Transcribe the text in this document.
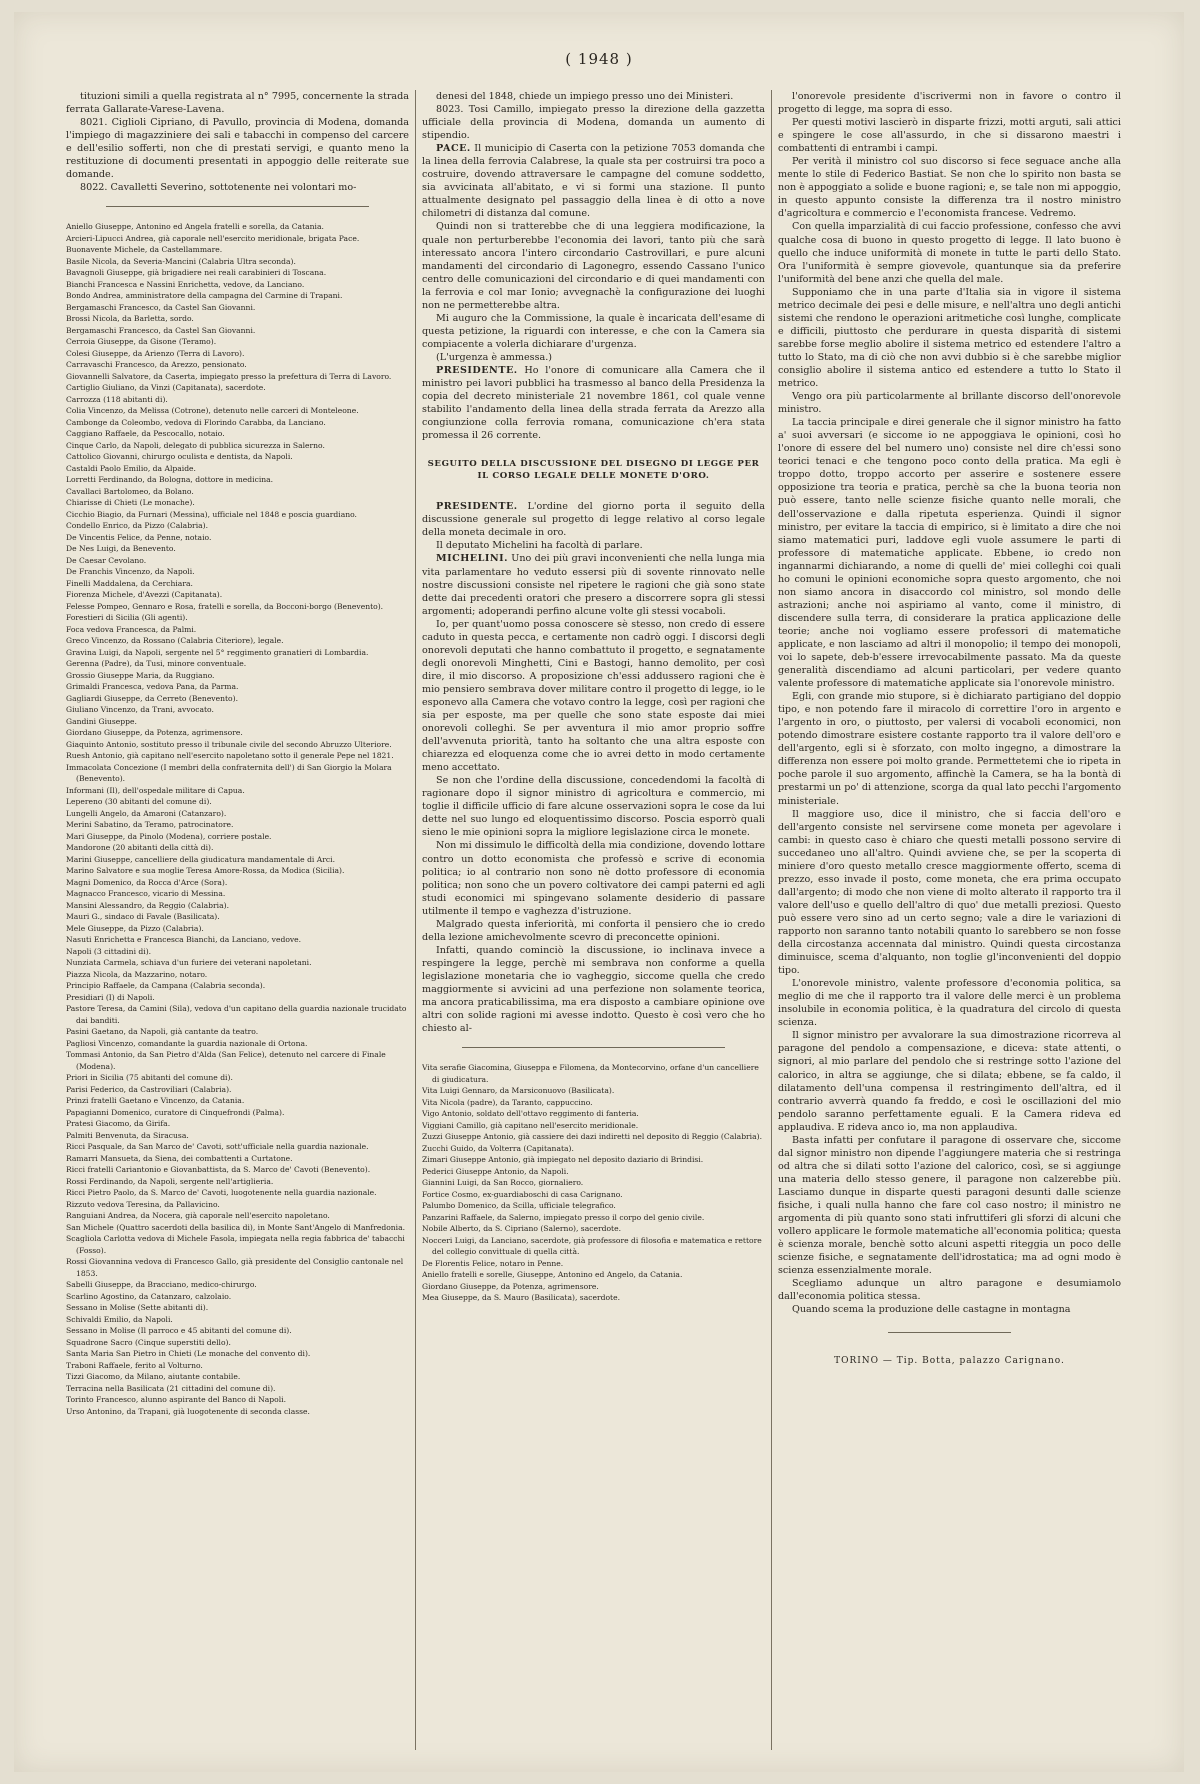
( 1948 )

tituzioni simili a quella registrata al n° 7995, concernente la strada ferrata Gallarate-Varese-Lavena.

8021. Ciglioli Cipriano, di Pavullo, provincia di Modena, domanda l'impiego di magazziniere dei sali e tabacchi in compenso del carcere e dell'esilio sofferti, non che di prestati servigi, e quanto meno la restituzione di documenti presentati in appoggio delle reiterate sue domande.

8022. Cavalletti Severino, sottotenente nei volontari mo-

Aniello Giuseppe, Antonino ed Angela fratelli e sorella, da Catania.

Arcieri-Lipucci Andrea, già caporale nell'esercito meridionale, brigata Pace.

Buonavente Michele, da Castellammare.

Basile Nicola, da Severia-Mancini (Calabria Ultra seconda).

Bavagnoli Giuseppe, già brigadiere nei reali carabinieri di Toscana.

Bianchi Francesca e Nassini Enrichetta, vedove, da Lanciano.

Bondo Andrea, amministratore della campagna del Carmine di Trapani.

Bergamaschi Francesco, da Castel San Giovanni.

Brossi Nicola, da Barletta, sordo.

Bergamaschi Francesco, da Castel San Giovanni.

Cerroia Giuseppe, da Gisone (Teramo).

Colesi Giuseppe, da Arienzo (Terra di Lavoro).

Carravaschi Francesco, da Arezzo, pensionato.

Giovannelli Salvatore, da Caserta, impiegato presso la prefettura di Terra di Lavoro.

Cartiglio Giuliano, da Vinzi (Capitanata), sacerdote.

Carrozza (118 abitanti di).

Colia Vincenzo, da Melissa (Cotrone), detenuto nelle carceri di Monteleone.

Cambonge da Coleombo, vedova di Florindo Carabba, da Lanciano.

Caggiano Raffaele, da Pescocallo, notaio.

Cinque Carlo, da Napoli, delegato di pubblica sicurezza in Salerno.

Cattolico Giovanni, chirurgo oculista e dentista, da Napoli.

Castaldi Paolo Emilio, da Alpaide.

Lorretti Ferdinando, da Bologna, dottore in medicina.

Cavallaci Bartolomeo, da Bolano.

Chiarisse di Chieti (Le monache).

Cicchio Biagio, da Furnari (Messina), ufficiale nel 1848 e poscia guardiano.

Condello Enrico, da Pizzo (Calabria).

De Vincentis Felice, da Penne, notaio.

De Nes Luigi, da Benevento.

De Caesar Cevolano.

De Franchis Vincenzo, da Napoli.

Finelli Maddalena, da Cerchiara.

Fiorenza Michele, d'Avezzi (Capitanata).

Felesse Pompeo, Gennaro e Rosa, fratelli e sorella, da Bocconi-borgo (Benevento).

Forestieri di Sicilia (Gli agenti).

Foca vedova Francesca, da Palmi.

Greco Vincenzo, da Rossano (Calabria Citeriore), legale.

Gravina Luigi, da Napoli, sergente nel 5° reggimento granatieri di Lombardia.

Gerenna (Padre), da Tusi, minore conventuale.

Grossio Giuseppe Maria, da Ruggiano.

Grimaldi Francesca, vedova Pana, da Parma.

Gagliardi Giuseppe, da Cerreto (Benevento).

Giuliano Vincenzo, da Trani, avvocato.

Gandini Giuseppe.

Giordano Giuseppe, da Potenza, agrimensore.

Giaquinto Antonio, sostituto presso il tribunale civile del secondo Abruzzo Ulteriore.

Ruesh Antonio, già capitano nell'esercito napoletano sotto il generale Pepe nel 1821.

Immacolata Concezione (I membri della confraternita dell') di San Giorgio la Molara (Benevento).

Informani (Il), dell'ospedale militare di Capua.

Lepereno (30 abitanti del comune di).

Lungelli Angelo, da Amaroni (Catanzaro).

Merini Sabatino, da Teramo, patrocinatore.

Mari Giuseppe, da Pinolo (Modena), corriere postale.

Mandorone (20 abitanti della città di).

Marini Giuseppe, cancelliere della giudicatura mandamentale di Arci.

Marino Salvatore e sua moglie Teresa Amore-Rossa, da Modica (Sicilia).

Magni Domenico, da Rocca d'Arce (Sora).

Magnacco Francesco, vicario di Messina.

Mansini Alessandro, da Reggio (Calabria).

Mauri G., sindaco di Favale (Basilicata).

Mele Giuseppe, da Pizzo (Calabria).

Nasuti Enrichetta e Francesca Bianchi, da Lanciano, vedove.

Napoli (3 cittadini di).

Nunziata Carmela, schiava d'un furiere dei veterani napoletani.

Piazza Nicola, da Mazzarino, notaro.

Principio Raffaele, da Campana (Calabria seconda).

Presidiari (I) di Napoli.

Pastore Teresa, da Camini (Sila), vedova d'un capitano della guardia nazionale trucidato dai banditi.

Pasini Gaetano, da Napoli, già cantante da teatro.

Pagliosi Vincenzo, comandante la guardia nazionale di Ortona.

Tommasi Antonio, da San Pietro d'Alda (San Felice), detenuto nel carcere di Finale (Modena).

Priori in Sicilia (75 abitanti del comune di).

Parisi Federico, da Castroviliari (Calabria).

Prinzi fratelli Gaetano e Vincenzo, da Catania.

Papagianni Domenico, curatore di Cinquefrondi (Palma).

Pratesi Giacomo, da Girifa.

Palmiti Benvenuta, da Siracusa.

Ricci Pasquale, da San Marco de' Cavoti, sott'ufficiale nella guardia nazionale.

Ramarri Mansueta, da Siena, dei combattenti a Curtatone.

Ricci fratelli Cariantonio e Giovanbattista, da S. Marco de' Cavoti (Benevento).

Rossi Ferdinando, da Napoli, sergente nell'artiglieria.

Ricci Pietro Paolo, da S. Marco de' Cavoti, luogotenente nella guardia nazionale.

Rizzuto vedova Teresina, da Pallavicino.

Ranguiani Andrea, da Nocera, già caporale nell'esercito napoletano.

San Michele (Quattro sacerdoti della basilica di), in Monte Sant'Angelo di Manfredonia.

Scagliola Carlotta vedova di Michele Fasola, impiegata nella regia fabbrica de' tabacchi (Fosso).

Rossi Giovannina vedova di Francesco Gallo, già presidente del Consiglio cantonale nel 1853.

Sabelli Giuseppe, da Bracciano, medico-chirurgo.

Scarlino Agostino, da Catanzaro, calzolaio.

Sessano in Molise (Sette abitanti di).

Schivaldi Emilio, da Napoli.

Sessano in Molise (Il parroco e 45 abitanti del comune di).

Squadrone Sacro (Cinque superstiti dello).

Santa Maria San Pietro in Chieti (Le monache del convento di).

Traboni Raffaele, ferito al Volturno.

Tizzi Giacomo, da Milano, aiutante contabile.

Terracina nella Basilicata (21 cittadini del comune di).

Torinto Francesco, alunno aspirante del Banco di Napoli.

Urso Antonino, da Trapani, già luogotenente di seconda classe.

denesi del 1848, chiede un impiego presso uno dei Ministeri.

8023. Tosi Camillo, impiegato presso la direzione della gazzetta ufficiale della provincia di Modena, domanda un aumento di stipendio.

PACE. Il municipio di Caserta con la petizione 7053 domanda che la linea della ferrovia Calabrese, la quale sta per costruirsi tra poco a costruire, dovendo attraversare le campagne del comune soddetto, sia avvicinata all'abitato, e vi si formi una stazione. Il punto attualmente designato pel passaggio della linea è di otto a nove chilometri di distanza dal comune.

Quindi non si tratterebbe che di una leggiera modificazione, la quale non perturberebbe l'economia dei lavori, tanto più che sarà interessato ancora l'intero circondario Castrovillari, e pure alcuni mandamenti del circondario di Lagonegro, essendo Cassano l'unico centro delle comunicazioni del circondario e di quei mandamenti con la ferrovia e col mar Ionio; avvegnachè la configurazione dei luoghi non ne permetterebbe altra.

Mi auguro che la Commissione, la quale è incaricata dell'esame di questa petizione, la riguardi con interesse, e che con la Camera sia compiacente a volerla dichiarare d'urgenza.

(L'urgenza è ammessa.)

PRESIDENTE. Ho l'onore di comunicare alla Camera che il ministro pei lavori pubblici ha trasmesso al banco della Presidenza la copia del decreto ministeriale 21 novembre 1861, col quale venne stabilito l'andamento della linea della strada ferrata da Arezzo alla congiunzione colla ferrovia romana, comunicazione ch'era stata promessa il 26 corrente.

SEGUITO DELLA DISCUSSIONE DEL DISEGNO DI LEGGE PER IL CORSO LEGALE DELLE MONETE D'ORO.

PRESIDENTE. L'ordine del giorno porta il seguito della discussione generale sul progetto di legge relativo al corso legale della moneta decimale in oro.

Il deputato Michelini ha facoltà di parlare.

MICHELINI. Uno dei più gravi inconvenienti che nella lunga mia vita parlamentare ho veduto essersi più di sovente rinnovato nelle nostre discussioni consiste nel ripetere le ragioni che già sono state dette dai precedenti oratori che presero a discorrere sopra gli stessi argomenti; adoperandi perfino alcune volte gli stessi vocaboli.

Io, per quant'uomo possa conoscere sè stesso, non credo di essere caduto in questa pecca, e certamente non cadrò oggi. I discorsi degli onorevoli deputati che hanno combattuto il progetto, e segnatamente degli onorevoli Minghetti, Cini e Bastogi, hanno demolito, per così dire, il mio discorso. A proposizione ch'essi addussero ragioni che è mio pensiero sembrava dover militare contro il progetto di legge, io le esponevo alla Camera che votavo contro la legge, così per ragioni che sia per esposte, ma per quelle che sono state esposte dai miei onorevoli colleghi. Se per avventura il mio amor proprio soffre dell'avvenuta priorità, tanto ha soltanto che una altra esposte con chiarezza ed eloquenza come che io avrei detto in modo certamente meno accettato.

Se non che l'ordine della discussione, concedendomi la facoltà di ragionare dopo il signor ministro di agricoltura e commercio, mi toglie il difficile ufficio di fare alcune osservazioni sopra le cose da lui dette nel suo lungo ed eloquentissimo discorso. Poscia esporrò quali sieno le mie opinioni sopra la migliore legislazione circa le monete.

Non mi dissimulo le difficoltà della mia condizione, dovendo lottare contro un dotto economista che professò e scrive di economia politica; io al contrario non sono nè dotto professore di economia politica; non sono che un povero coltivatore dei campi paterni ed agli studi economici mi spingevano solamente desiderio di passare utilmente il tempo e vaghezza d'istruzione.

Malgrado questa inferiorità, mi conforta il pensiero che io credo della lezione amichevolmente scevro di preconcette opinioni.

Infatti, quando cominciò la discussione, io inclinava invece a respingere la legge, perchè mi sembrava non conforme a quella legislazione monetaria che io vagheggio, siccome quella che credo maggiormente si avvicini ad una perfezione non solamente teorica, ma ancora praticabilissima, ma era disposto a cambiare opinione ove altri con solide ragioni mi avesse indotto. Questo è così vero che ho chiesto al-

Vita serafie Giacomina, Giuseppa e Filomena, da Montecorvino, orfane d'un cancelliere di giudicatura.

Vita Luigi Gennaro, da Marsiconuovo (Basilicata).

Vita Nicola (padre), da Taranto, cappuccino.

Vigo Antonio, soldato dell'ottavo reggimento di fanteria.

Viggiani Camillo, già capitano nell'esercito meridionale.

Zuzzi Giuseppe Antonio, già cassiere dei dazi indiretti nel deposito di Reggio (Calabria).

Zucchi Guido, da Volterra (Capitanata).

Zimari Giuseppe Antonio, già impiegato nel deposito daziario di Brindisi.

Pederici Giuseppe Antonio, da Napoli.

Giannini Luigi, da San Rocco, giornaliero.

Fortice Cosmo, ex-guardiaboschi di casa Carignano.

Palumbo Domenico, da Scilla, ufficiale telegrafico.

Panzarini Raffaele, da Salerno, impiegato presso il corpo del genio civile.

Nobile Alberto, da S. Cipriano (Salerno), sacerdote.

Nocceri Luigi, da Lanciano, sacerdote, già professore di filosofia e matematica e rettore del collegio convittuale di quella città.

De Florentis Felice, notaro in Penne.

Aniello fratelli e sorelle, Giuseppe, Antonino ed Angelo, da Catania.

Giordano Giuseppe, da Potenza, agrimensore.

Mea Giuseppe, da S. Mauro (Basilicata), sacerdote.

l'onorevole presidente d'iscrivermi non in favore o contro il progetto di legge, ma sopra di esso.

Per questi motivi lascierò in disparte frizzi, motti arguti, sali attici e spingere le cose all'assurdo, in che si dissarono maestri i combattenti di entrambi i campi.

Per verità il ministro col suo discorso si fece seguace anche alla mente lo stile di Federico Bastiat. Se non che lo spirito non basta se non è appoggiato a solide e buone ragioni; e, se tale non mi appoggio, in questo appunto consiste la differenza tra il nostro ministro d'agricoltura e commercio e l'economista francese. Vedremo.

Con quella imparzialità di cui faccio professione, confesso che avvi qualche cosa di buono in questo progetto di legge. Il lato buono è quello che induce uniformità di monete in tutte le parti dello Stato. Ora l'uniformità è sempre giovevole, quantunque sia da preferire l'uniformità del bene anzi che quella del male.

Supponiamo che in una parte d'Italia sia in vigore il sistema metrico decimale dei pesi e delle misure, e nell'altra uno degli antichi sistemi che rendono le operazioni aritmetiche così lunghe, complicate e difficili, piuttosto che perdurare in questa disparità di sistemi sarebbe forse meglio abolire il sistema metrico ed estendere l'altro a tutto lo Stato, ma di ciò che non avvi dubbio si è che sarebbe miglior consiglio abolire il sistema antico ed estendere a tutto lo Stato il metrico.

Vengo ora più particolarmente al brillante discorso dell'onorevole ministro.

La taccia principale e direi generale che il signor ministro ha fatto a' suoi avversari (e siccome io ne appoggiava le opinioni, così ho l'onore di essere del bel numero uno) consiste nel dire ch'essi sono teorici tenaci e che tengono poco conto della pratica. Ma egli è troppo dotto, troppo accorto per asserire e sostenere essere opposizione tra teoria e pratica, perchè sa che la buona teoria non può essere, tanto nelle scienze fisiche quanto nelle morali, che dell'osservazione e dalla ripetuta esperienza. Quindi il signor ministro, per evitare la taccia di empirico, si è limitato a dire che noi siamo matematici puri, laddove egli vuole assumere le parti di professore di matematiche applicate. Ebbene, io credo non ingannarmi dichiarando, a nome di quelli de' miei colleghi coi quali ho comuni le opinioni economiche sopra questo argomento, che noi non siamo ancora in disaccordo col ministro, sol mondo delle astrazioni; anche noi aspiriamo al vanto, come il ministro, di discendere sulla terra, di considerare la pratica applicazione delle teorie; anche noi vogliamo essere professori di matematiche applicate, e non lasciamo ad altri il monopolio; il tempo dei monopoli, voi lo sapete, deb-b'essere irrevocabilmente passato. Ma da queste generalità discendiamo ad alcuni particolari, per vedere quanto valente professore di matematiche applicate sia l'onorevole ministro.

Egli, con grande mio stupore, si è dichiarato partigiano del doppio tipo, e non potendo fare il miracolo di correttire l'oro in argento e l'argento in oro, o piuttosto, per valersi di vocaboli economici, non potendo dimostrare esistere costante rapporto tra il valore dell'oro e dell'argento, egli si è sforzato, con molto ingegno, a dimostrare la differenza non essere poi molto grande. Permettetemi che io ripeta in poche parole il suo argomento, affinchè la Camera, se ha la bontà di prestarmi un po' di attenzione, scorga da qual lato pecchi l'argomento ministeriale.

Il maggiore uso, dice il ministro, che si faccia dell'oro e dell'argento consiste nel servirsene come moneta per agevolare i cambi: in questo caso è chiaro che questi metalli possono servire di succedaneo uno all'altro. Quindi avviene che, se per la scoperta di miniere d'oro questo metallo cresce maggiormente offerto, scema di prezzo, esso invade il posto, come moneta, che era prima occupato dall'argento; di modo che non viene di molto alterato il rapporto tra il valore dell'uso e quello dell'altro di quo' due metalli preziosi. Questo può essere vero sino ad un certo segno; vale a dire le variazioni di rapporto non saranno tanto notabili quanto lo sarebbero se non fosse della circostanza accennata dal ministro. Quindi questa circostanza diminuisce, scema d'alquanto, non toglie gl'inconvenienti del doppio tipo.

L'onorevole ministro, valente professore d'economia politica, sa meglio di me che il rapporto tra il valore delle merci è un problema insolubile in economia politica, è la quadratura del circolo di questa scienza.

Il signor ministro per avvalorare la sua dimostrazione ricorreva al paragone del pendolo a compensazione, e diceva: state attenti, o signori, al mio parlare del pendolo che si restringe sotto l'azione del calorico, in altra se aggiunge, che si dilata; ebbene, se fa caldo, il dilatamento dell'una compensa il restringimento dell'altra, ed il contrario avverrà quando fa freddo, e così le oscillazioni del mio pendolo saranno perfettamente eguali. E la Camera rideva ed applaudiva. E rideva anco io, ma non applaudiva.

Basta infatti per confutare il paragone di osservare che, siccome dal signor ministro non dipende l'aggiungere materia che si restringa od altra che si dilati sotto l'azione del calorico, così, se si aggiunge una materia dello stesso genere, il paragone non calzerebbe più. Lasciamo dunque in disparte questi paragoni desunti dalle scienze fisiche, i quali nulla hanno che fare col caso nostro; il ministro ne argomenta di più quanto sono stati infruttiferi gli sforzi di alcuni che vollero applicare le formole matematiche all'economia politica; questa è scienza morale, benchè sotto alcuni aspetti riteggia un poco delle scienze fisiche, e segnatamente dell'idrostatica; ma ad ogni modo è scienza essenzialmente morale.

Scegliamo adunque un altro paragone e desumiamolo dall'economia politica stessa.

Quando scema la produzione delle castagne in montagna

TORINO — Tip. Botta, palazzo Carignano.
